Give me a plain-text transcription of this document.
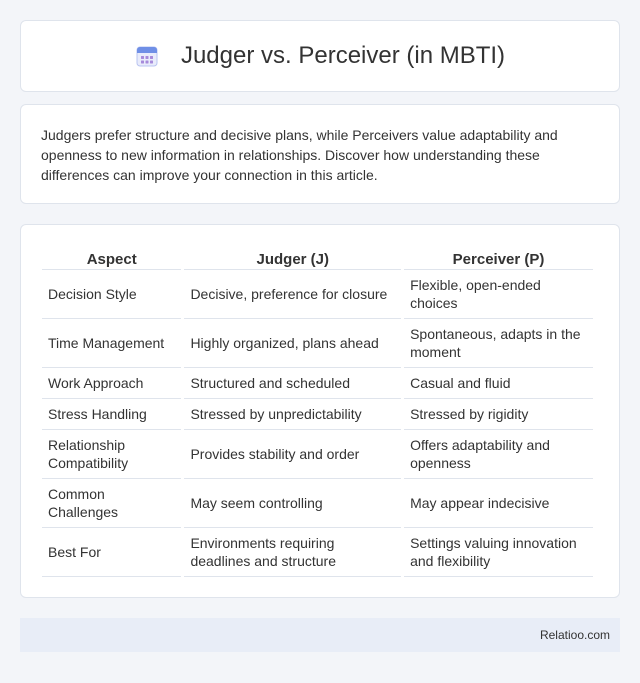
Judger vs. Perceiver (in MBTI)

Judgers prefer structure and decisive plans, while Perceivers value adaptability and openness to new information in relationships. Discover how understanding these differences can improve your connection in this article.

Aspect	Judger (J)	Perceiver (P)
Decision Style	Decisive, preference for closure	Flexible, open-ended choices
Time Management	Highly organized, plans ahead	Spontaneous, adapts in the moment
Work Approach	Structured and scheduled	Casual and fluid
Stress Handling	Stressed by unpredictability	Stressed by rigidity
Relationship Compatibility	Provides stability and order	Offers adaptability and openness
Common Challenges	May seem controlling	May appear indecisive
Best For	Environments requiring deadlines and structure	Settings valuing innovation and flexibility
Relatioo.com
